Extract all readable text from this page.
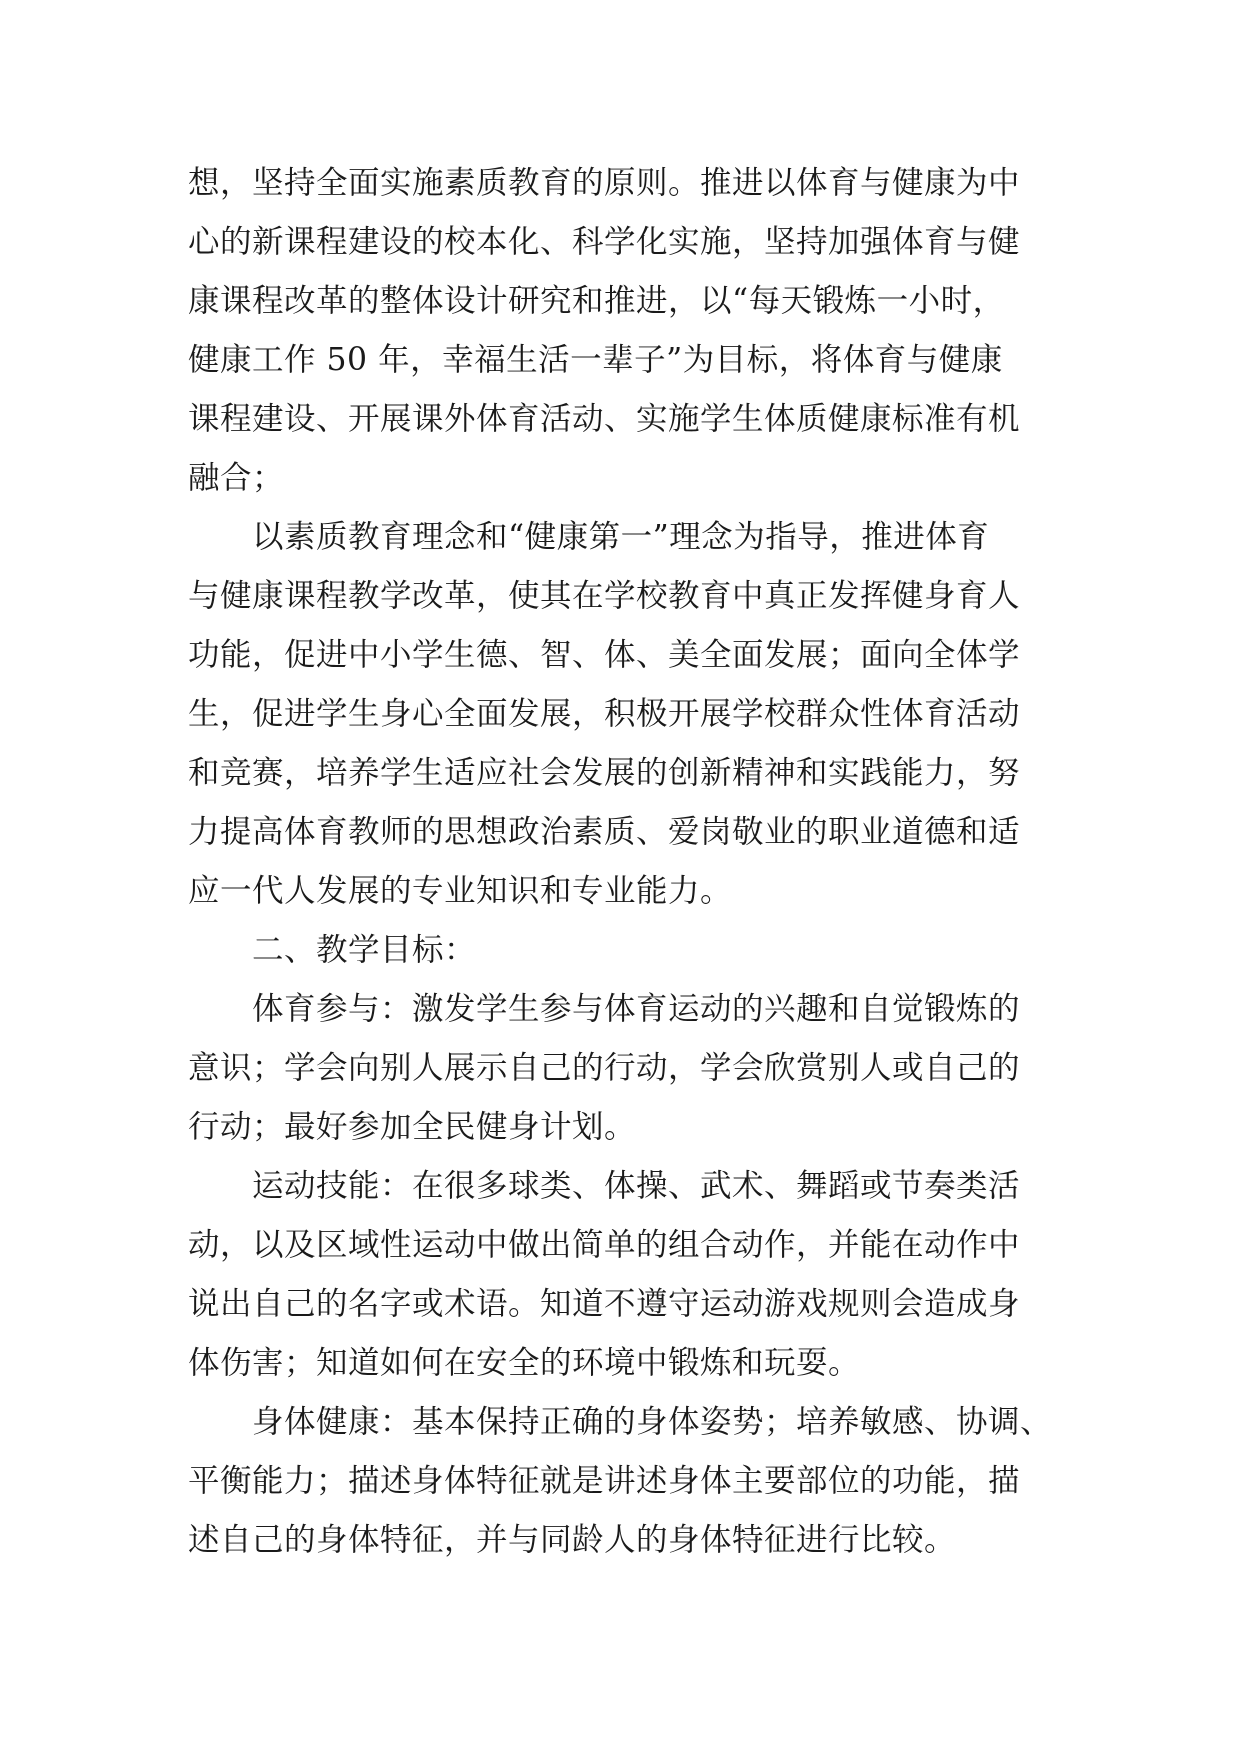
想，坚持全面实施素质教育的原则。推进以体育与健康为中
心的新课程建设的校本化、科学化实施，坚持加强体育与健
康课程改革的整体设计研究和推进，以“每天锻炼一小时，
健康工作 50 年，幸福生活一辈子”为目标，将体育与健康
课程建设、开展课外体育活动、实施学生体质健康标准有机
融合；
　　以素质教育理念和“健康第一”理念为指导，推进体育
与健康课程教学改革，使其在学校教育中真正发挥健身育人
功能，促进中小学生德、智、体、美全面发展；面向全体学
生，促进学生身心全面发展，积极开展学校群众性体育活动
和竞赛，培养学生适应社会发展的创新精神和实践能力，努
力提高体育教师的思想政治素质、爱岗敬业的职业道德和适
应一代人发展的专业知识和专业能力。
　　二、教学目标：
　　体育参与：激发学生参与体育运动的兴趣和自觉锻炼的
意识；学会向别人展示自己的行动，学会欣赏别人或自己的
行动；最好参加全民健身计划。
　　运动技能：在很多球类、体操、武术、舞蹈或节奏类活
动，以及区域性运动中做出简单的组合动作，并能在动作中
说出自己的名字或术语。知道不遵守运动游戏规则会造成身
体伤害；知道如何在安全的环境中锻炼和玩耍。
　　身体健康：基本保持正确的身体姿势；培养敏感、协调、
平衡能力；描述身体特征就是讲述身体主要部位的功能，描
述自己的身体特征，并与同龄人的身体特征进行比较。
